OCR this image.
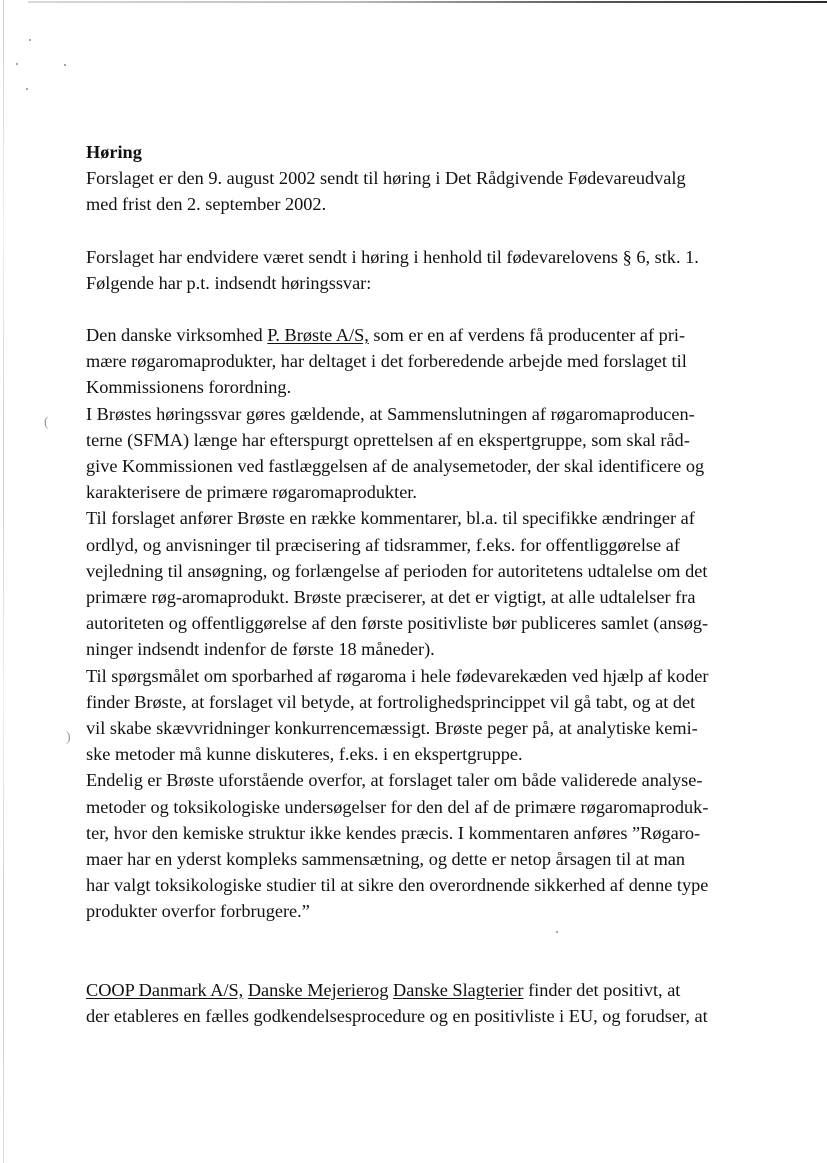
(
)

Høring

Forslaget er den 9. august 2002 sendt til høring i Det Rådgivende Fødevareudvalg
med frist den 2. september 2002.

Forslaget har endvidere været sendt i høring i henhold til fødevarelovens § 6, stk. 1.
Følgende har p.t. indsendt høringssvar:

Den danske virksomhed P. Brøste A/S, som er en af verdens få producenter af pri-
mære røgaromaprodukter, har deltaget i det forberedende arbejde med forslaget til
Kommissionens forordning.

I Brøstes høringssvar gøres gældende, at Sammenslutningen af røgaromaproducen-
terne (SFMA) længe har efterspurgt oprettelsen af en ekspertgruppe, som skal råd-
give Kommissionen ved fastlæggelsen af de analysemetoder, der skal identificere og
karakterisere de primære røgaromaprodukter.

Til forslaget anfører Brøste en række kommentarer, bl.a. til specifikke ændringer af
ordlyd, og anvisninger til præcisering af tidsrammer, f.eks. for offentliggørelse af
vejledning til ansøgning, og forlængelse af perioden for autoritetens udtalelse om det
primære røg-aromaprodukt. Brøste præciserer, at det er vigtigt, at alle udtalelser fra
autoriteten og offentliggørelse af den første positivliste bør publiceres samlet (ansøg-
ninger indsendt indenfor de første 18 måneder).

Til spørgsmålet om sporbarhed af røgaroma i hele fødevarekæden ved hjælp af koder
finder Brøste, at forslaget vil betyde, at fortrolighedsprincippet vil gå tabt, og at det
vil skabe skævvridninger konkurrencemæssigt. Brøste peger på, at analytiske kemi-
ske metoder må kunne diskuteres, f.eks. i en ekspertgruppe.

Endelig er Brøste uforstående overfor, at forslaget taler om både validerede analyse-
metoder og toksikologiske undersøgelser for den del af de primære røgaromaproduk-
ter, hvor den kemiske struktur ikke kendes præcis. I kommentaren anføres ”Røgaro-
maer har en yderst kompleks sammensætning, og dette er netop årsagen til at man
har valgt toksikologiske studier til at sikre den overordnende sikkerhed af denne type
produkter overfor forbrugere.”

COOP Danmark A/S, Danske Mejerierog Danske Slagterier finder det positivt, at
der etableres en fælles godkendelsesprocedure og en positivliste i EU, og forudser, at
